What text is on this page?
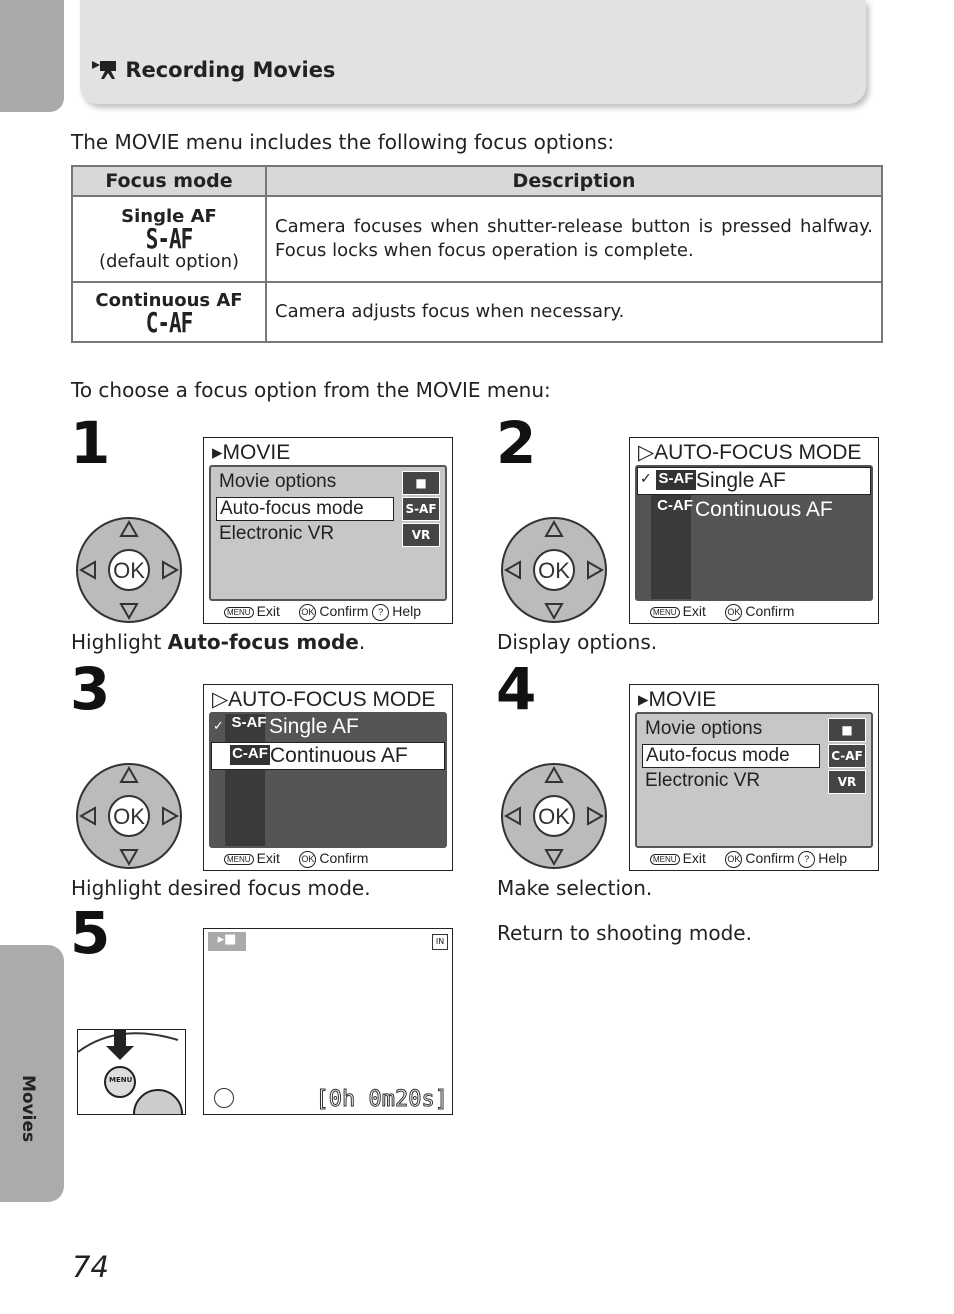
Recording Movies
Movies
The MOVIE menu includes the following focus options:
Focus mode	Description

Single AF
S-AF
(default option)	Camera focuses when shutter-release button is pressed halfway. Focus locks when focus operation is complete.

Continuous AF
C-AF	Camera adjusts focus when necessary.
To choose a focus option from the MOVIE menu:
1
OK
▸MOVIE
Movie options
Auto-focus mode
Electronic VR
■
S-AF
VR
MENU Exit OK Confirm ? Help
Highlight Auto-focus mode.
2
OK
▷AUTO-FOCUS MODE
✓ S-AF Single AF
C-AF Continuous AF
MENU Exit OK Confirm
Display options.
3
OK
▷AUTO-FOCUS MODE
✓ S-AF Single AF
C-AF Continuous AF
MENU Exit OK Confirm
Highlight desired focus mode.
4
OK
▸MOVIE
Movie options
Auto-focus mode
Electronic VR
■
C-AF
VR
MENU Exit OK Confirm ? Help
Make selection.
5
MENU
▸■	IN
[0h 0m20s]
Return to shooting mode.
74
